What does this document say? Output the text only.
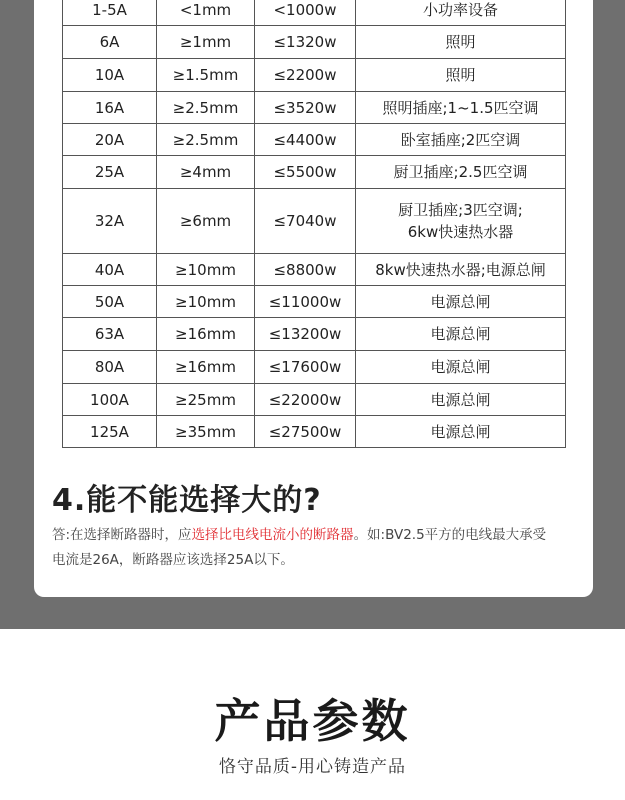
1-5A	<1mm	<1000w	小功率设备
6A	≥1mm	≤1320w	照明
10A	≥1.5mm	≤2200w	照明
16A	≥2.5mm	≤3520w	照明插座;1~1.5匹空调
20A	≥2.5mm	≤4400w	卧室插座;2匹空调
25A	≥4mm	≤5500w	厨卫插座;2.5匹空调
32A	≥6mm	≤7040w	厨卫插座;3匹空调;
6kw快速热水器
40A	≥10mm	≤8800w	8kw快速热水器;电源总闸
50A	≥10mm	≤11000w	电源总闸
63A	≥16mm	≤13200w	电源总闸
80A	≥16mm	≤17600w	电源总闸
100A	≥25mm	≤22000w	电源总闸
125A	≥35mm	≤27500w	电源总闸
4.能不能选择大的?

答:在选择断路器时，应选择比电线电流小的断路器。如:BV2.5平方的电线最大承受电流是26A，断路器应该选择25A以下。

产品参数

恪守品质-用心铸造产品
